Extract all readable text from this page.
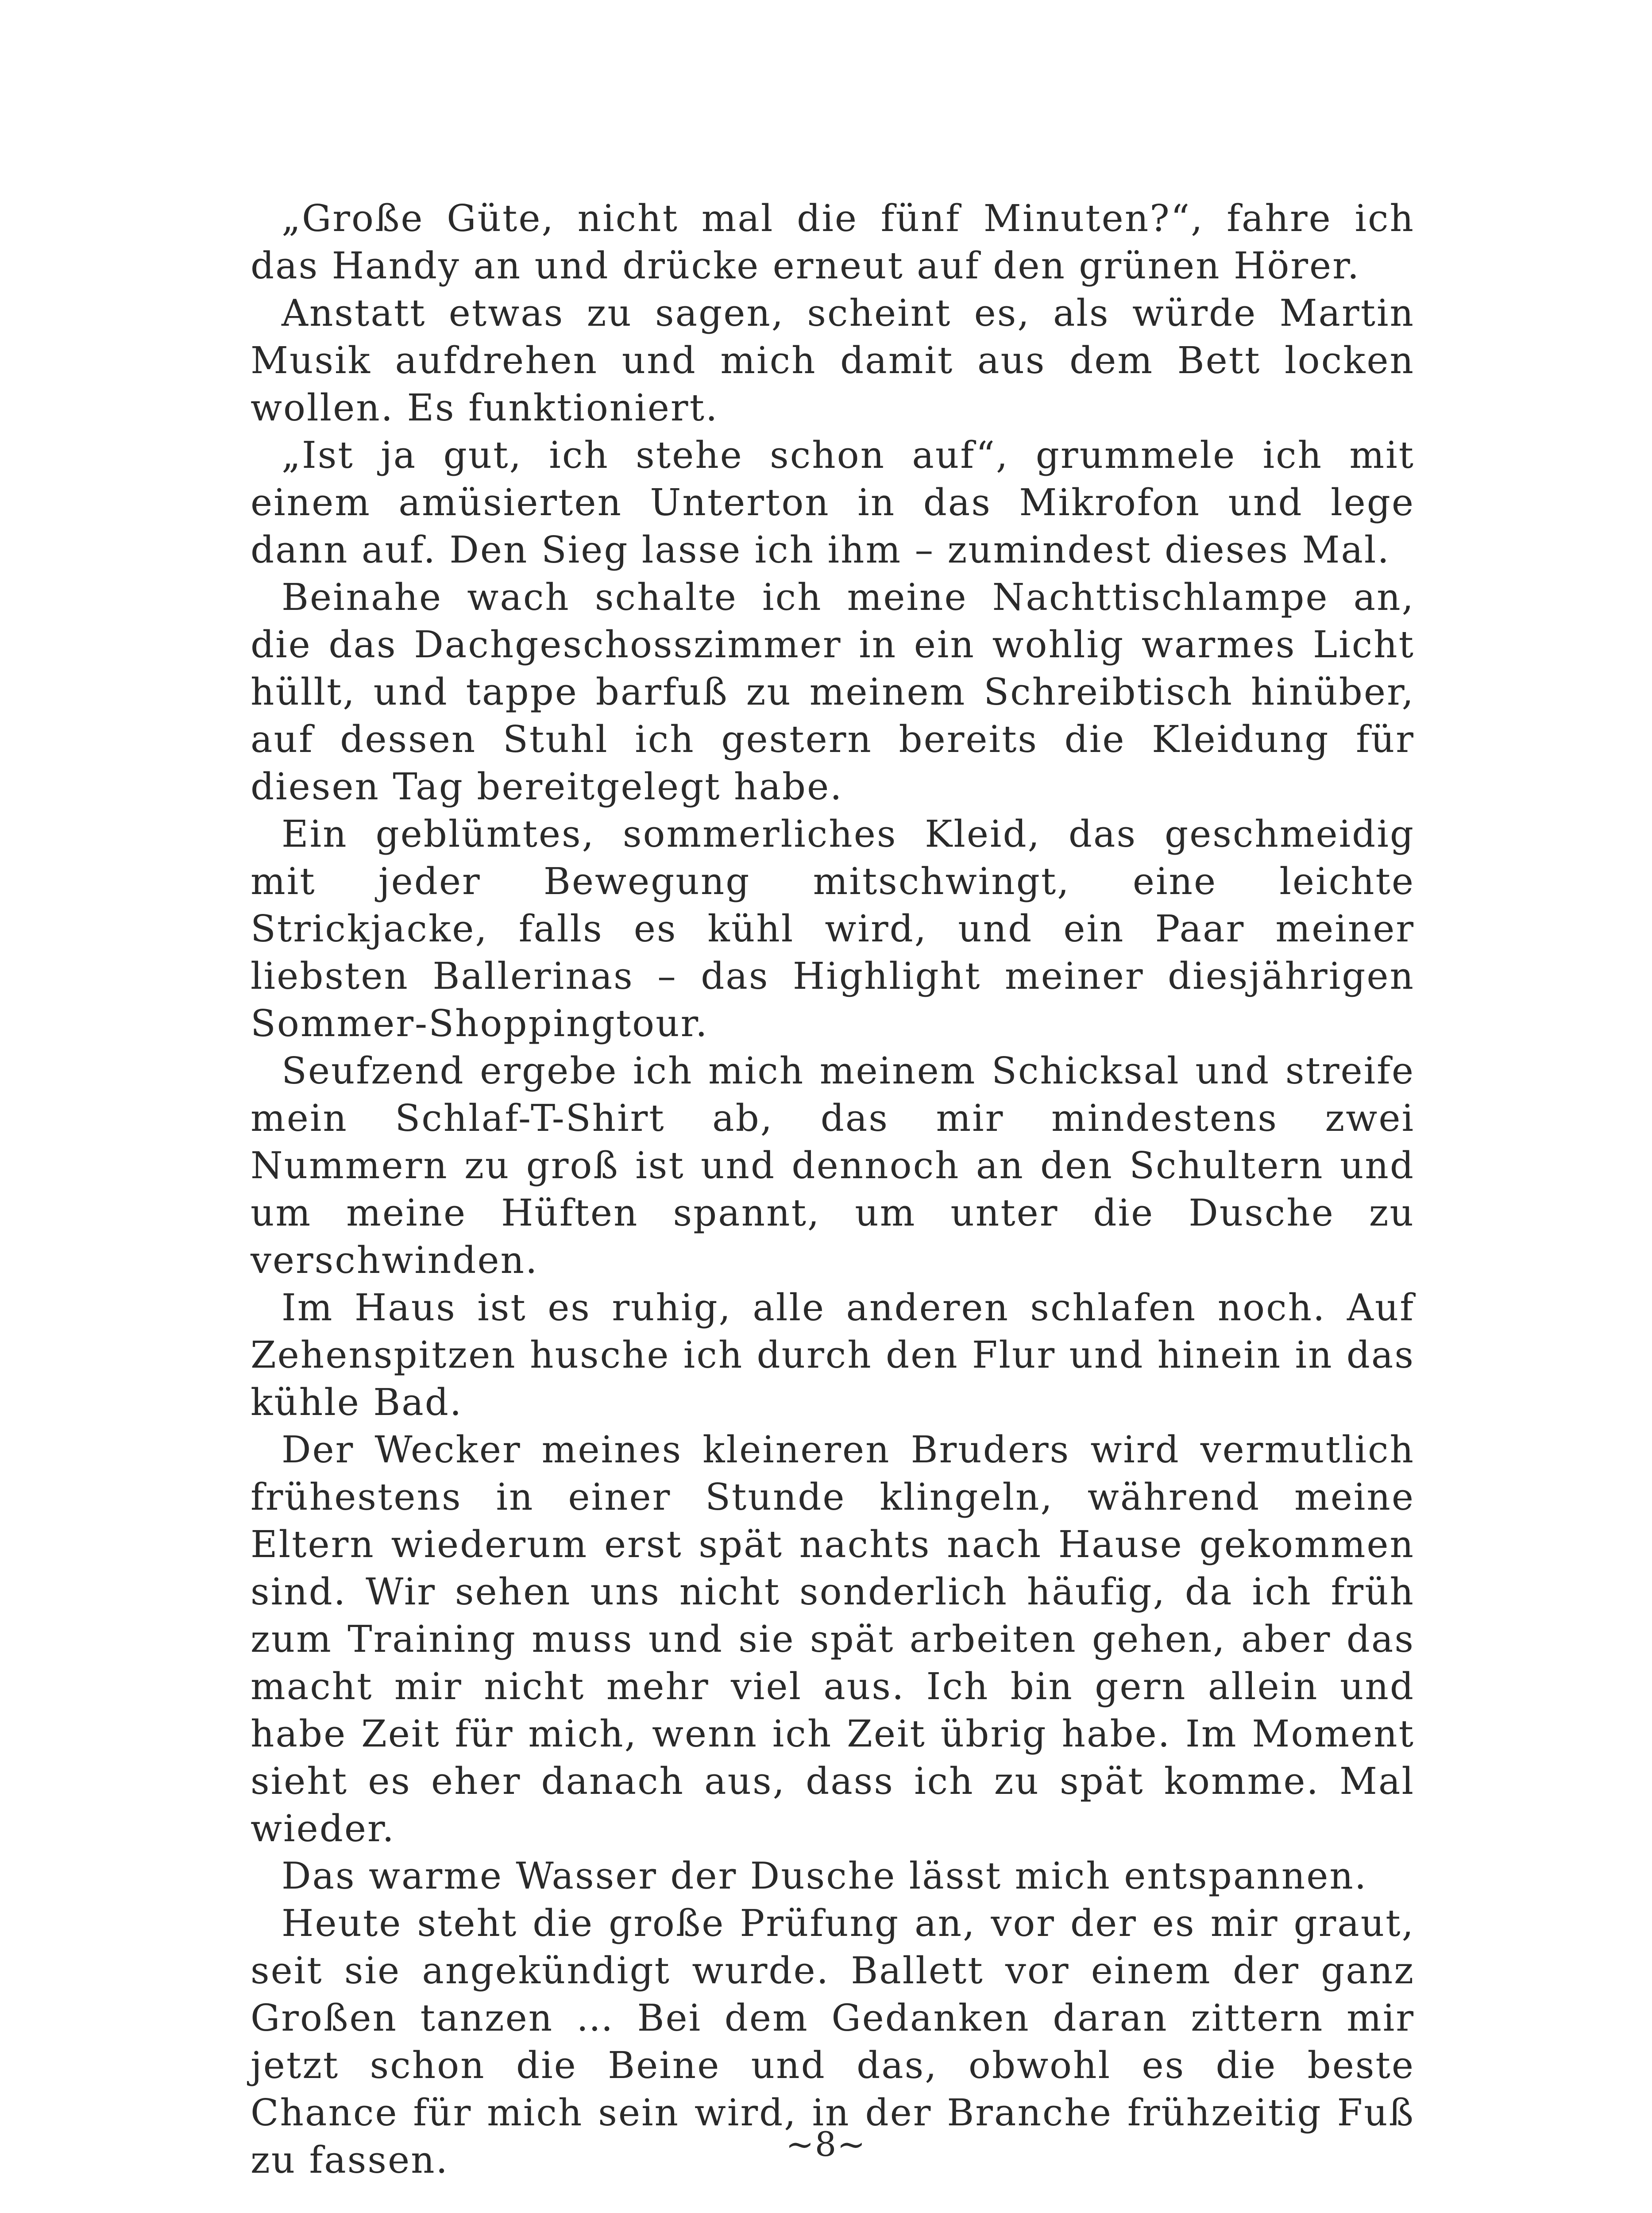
„Große Güte, nicht mal die fünf Minuten?“, fahre ich das Handy an und drücke erneut auf den grünen Hörer.

Anstatt etwas zu sagen, scheint es, als würde Martin Musik aufdrehen und mich damit aus dem Bett locken wollen. Es funktioniert.

„Ist ja gut, ich stehe schon auf“, grummele ich mit einem amüsierten Unterton in das Mikrofon und lege dann auf. Den Sieg lasse ich ihm – zumindest dieses Mal.

Beinahe wach schalte ich meine Nachttischlampe an, die das Dachgeschosszimmer in ein wohlig warmes Licht hüllt, und tappe barfuß zu meinem Schreibtisch hinüber, auf dessen Stuhl ich gestern bereits die Kleidung für diesen Tag bereitgelegt habe.

Ein geblümtes, sommerliches Kleid, das geschmeidig mit jeder Bewegung mitschwingt, eine leichte Strickjacke, falls es kühl wird, und ein Paar meiner liebsten Ballerinas – das Highlight meiner diesjährigen Sommer-Shoppingtour.

Seufzend ergebe ich mich meinem Schicksal und streife mein Schlaf-T-Shirt ab, das mir mindestens zwei Nummern zu groß ist und dennoch an den Schultern und um meine Hüften spannt, um unter die Dusche zu verschwinden.

Im Haus ist es ruhig, alle anderen schlafen noch. Auf Zehenspitzen husche ich durch den Flur und hinein in das kühle Bad.

Der Wecker meines kleineren Bruders wird vermutlich frühestens in einer Stunde klingeln, während meine Eltern wiederum erst spät nachts nach Hause gekommen sind. Wir sehen uns nicht sonderlich häufig, da ich früh zum Training muss und sie spät arbeiten gehen, aber das macht mir nicht mehr viel aus. Ich bin gern allein und habe Zeit für mich, wenn ich Zeit übrig habe. Im Moment sieht es eher danach aus, dass ich zu spät komme. Mal wieder.

Das warme Wasser der Dusche lässt mich entspannen.

Heute steht die große Prüfung an, vor der es mir graut, seit sie angekündigt wurde. Ballett vor einem der ganz Großen tanzen … Bei dem Gedanken daran zittern mir jetzt schon die Beine und das, obwohl es die beste Chance für mich sein wird, in der Branche frühzeitig Fuß zu fassen.	~8~
